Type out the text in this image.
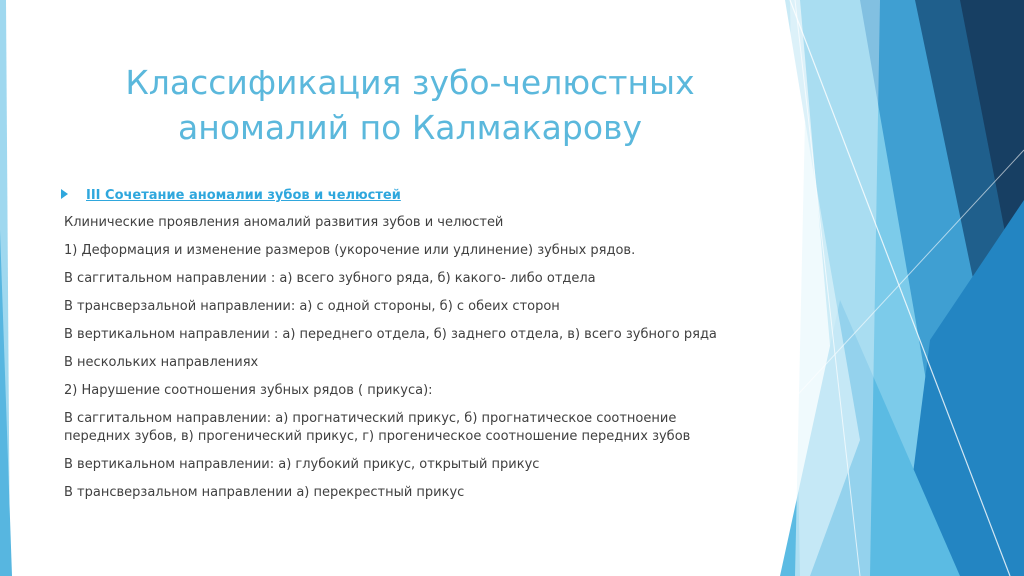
Классификация зубо-челюстных
аномалий по Калмакарову
III Сочетание аномалии зубов и челюстей

Клинические проявления аномалий развития зубов и челюстей

1) Деформация и изменение размеров (укорочение или удлинение) зубных рядов.

В саггитальном направлении : а) всего зубного ряда, б) какого- либо отдела

В трансверзальной направлении: а) с одной стороны, б) с обеих сторон

В вертикальном направлении : а) переднего отдела, б) заднего отдела, в) всего зубного ряда

В нескольких направлениях

2) Нарушение соотношения зубных рядов ( прикуса):

В саггитальном направлении: а) прогнатический прикус, б) прогнатическое соотноение

передних зубов, в) прогенический прикус, г) прогеническое соотношение передних зубов

В вертикальном направлении: а) глубокий прикус, открытый прикус

В трансверзальном направлении а) перекрестный прикус
